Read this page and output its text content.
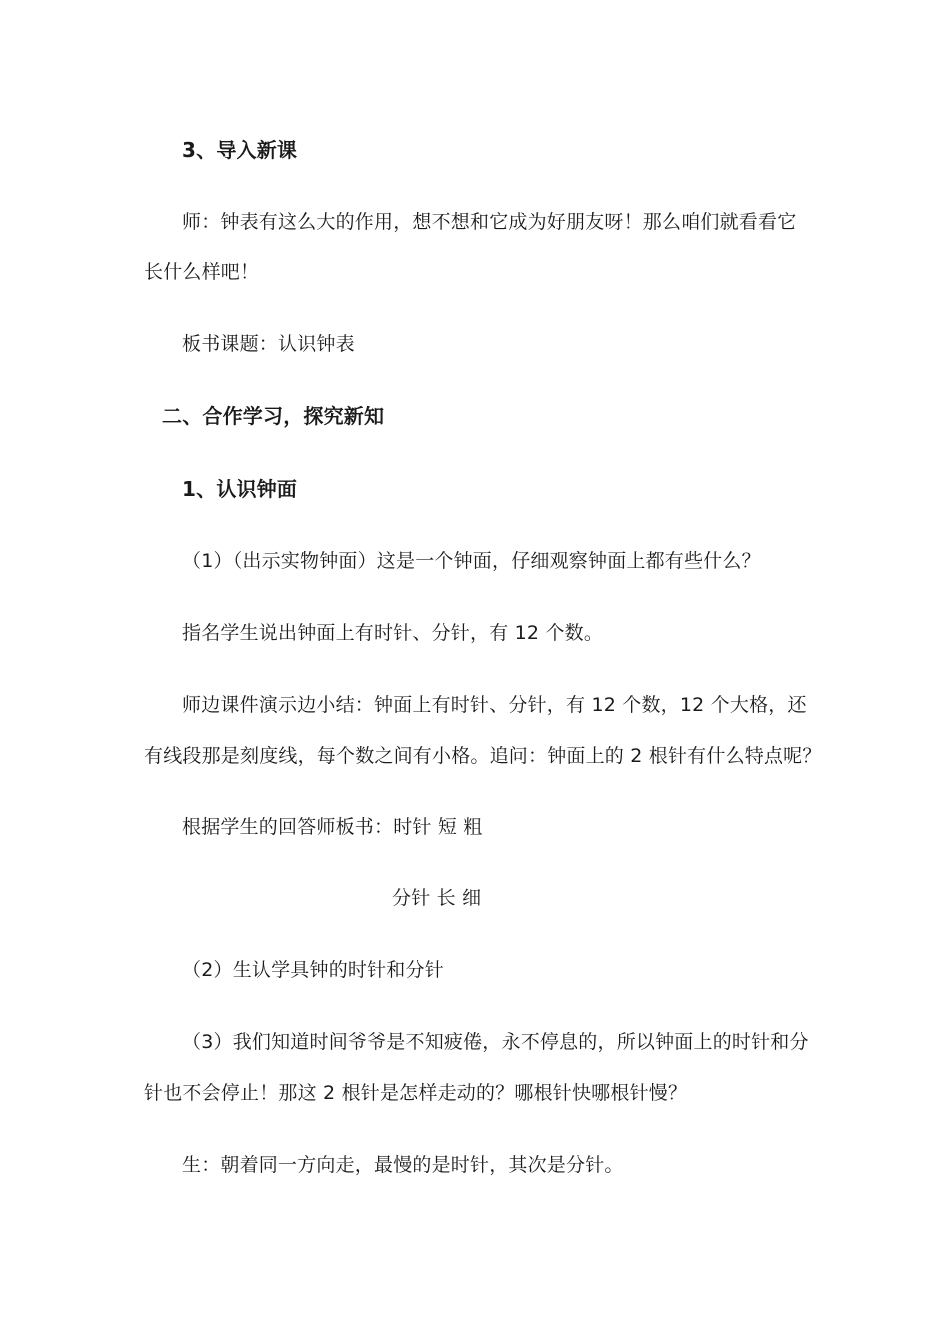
3、导入新课
师：钟表有这么大的作用，想不想和它成为好朋友呀！那么咱们就看看它
长什么样吧！
板书课题：认识钟表
二、合作学习，探究新知
1、认识钟面
（1）（出示实物钟面）这是一个钟面，仔细观察钟面上都有些什么？
指名学生说出钟面上有时针、分针，有 12 个数。
师边课件演示边小结：钟面上有时针、分针，有 12 个数，12 个大格，还
有线段那是刻度线，每个数之间有小格。追问：钟面上的 2 根针有什么特点呢？
根据学生的回答师板书：时针 短 粗
分针 长 细
（2）生认学具钟的时针和分针
（3）我们知道时间爷爷是不知疲倦，永不停息的，所以钟面上的时针和分
针也不会停止！那这 2 根针是怎样走动的？哪根针快哪根针慢？
生：朝着同一方向走，最慢的是时针，其次是分针。
